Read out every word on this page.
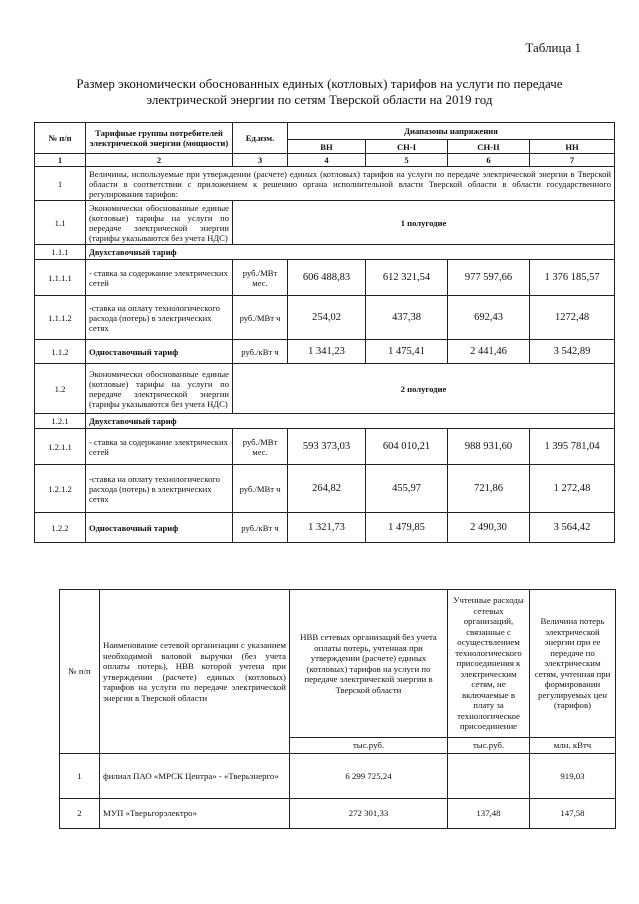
Таблица 1
Размер экономически обоснованных единых (котловых) тарифов на услуги по передаче
электрической энергии по сетям Тверской области на 2019 год
№ п/п	Тарифные группы потребителей электрической энергии (мощности)	Ед.изм.	Диапазоны напряжения			
			ВН	СН-I	СН-II	НН
1	2	3	4	5	6	7
1	Величины, используемые при утверждении (расчете) единых (котловых) тарифов на услуги по передаче электрической энергии в Тверской области в соответствии с приложением к решению органа исполнительной власти Тверской области в области государственного регулирования тарифов:					
1.1	Экономически обоснованные единые (котловые) тарифы на услуги по передаче электрической энергии (тарифы указываются без учета НДС)	1 полугодие				
1.1.1	Двухставочный тариф					
1.1.1.1	- ставка за содержание электрических сетей	руб./МВт мес.	606 488,83	612 321,54	977 597,66	1 376 185,57
1.1.1.2	-ставка на оплату технологического расхода (потерь) в электрических сетях	руб./МВт ч	254,02	437,38	692,43	1272,48
1.1.2	Одноставочный тариф	руб./кВт ч	1 341,23	1 475,41	2 441,46	3 542,89
1.2	Экономически обоснованные единые (котловые) тарифы на услуги по передаче электрической энергии (тарифы указываются без учета НДС)	2 полугодие				
1.2.1	Двухставочный тариф					
1.2.1.1	- ставка за содержание электрических сетей	руб./МВт мес.	593 373,03	604 010,21	988 931,60	1 395 781,04
1.2.1.2	-ставка на оплату технологического расхода (потерь) в электрических сетях	руб./МВт ч	264,82	455,97	721,86	1 272,48
1.2.2	Одноставочный тариф	руб./кВт ч	1 321,73	1 479,85	2 490,30	3 564,42
№ п/п	Наименование сетевой организации с указанием необходимой валовой выручки (без учета оплаты потерь), НВВ которой учтена при утверждении (расчете) единых (котловых) тарифов на услуги по передаче электрической энергии в Тверской области	НВВ сетевых организаций без учета оплаты потерь, учтенная при утверждении (расчете) единых (котловых) тарифов на услуги по передаче электрической энергии в Тверской области	Учтенные расходы сетевых организаций, связанные с осуществлением технологического присоединения к электрическим сетям, не включаемые в плату за технологическое присоединение	Величина потерь электрической энергии при ее передаче по электрическим сетям, учтенная при формировании регулируемых цен (тарифов)
		тыс.руб.	тыс.руб.	млн. кВтч
1	филиал ПАО «МРСК Центра» - «Тверьэнерго»	6 299 725,24		919,03
2	МУП «Тверьгорэлектро»	272 301,33	137,48	147,58
